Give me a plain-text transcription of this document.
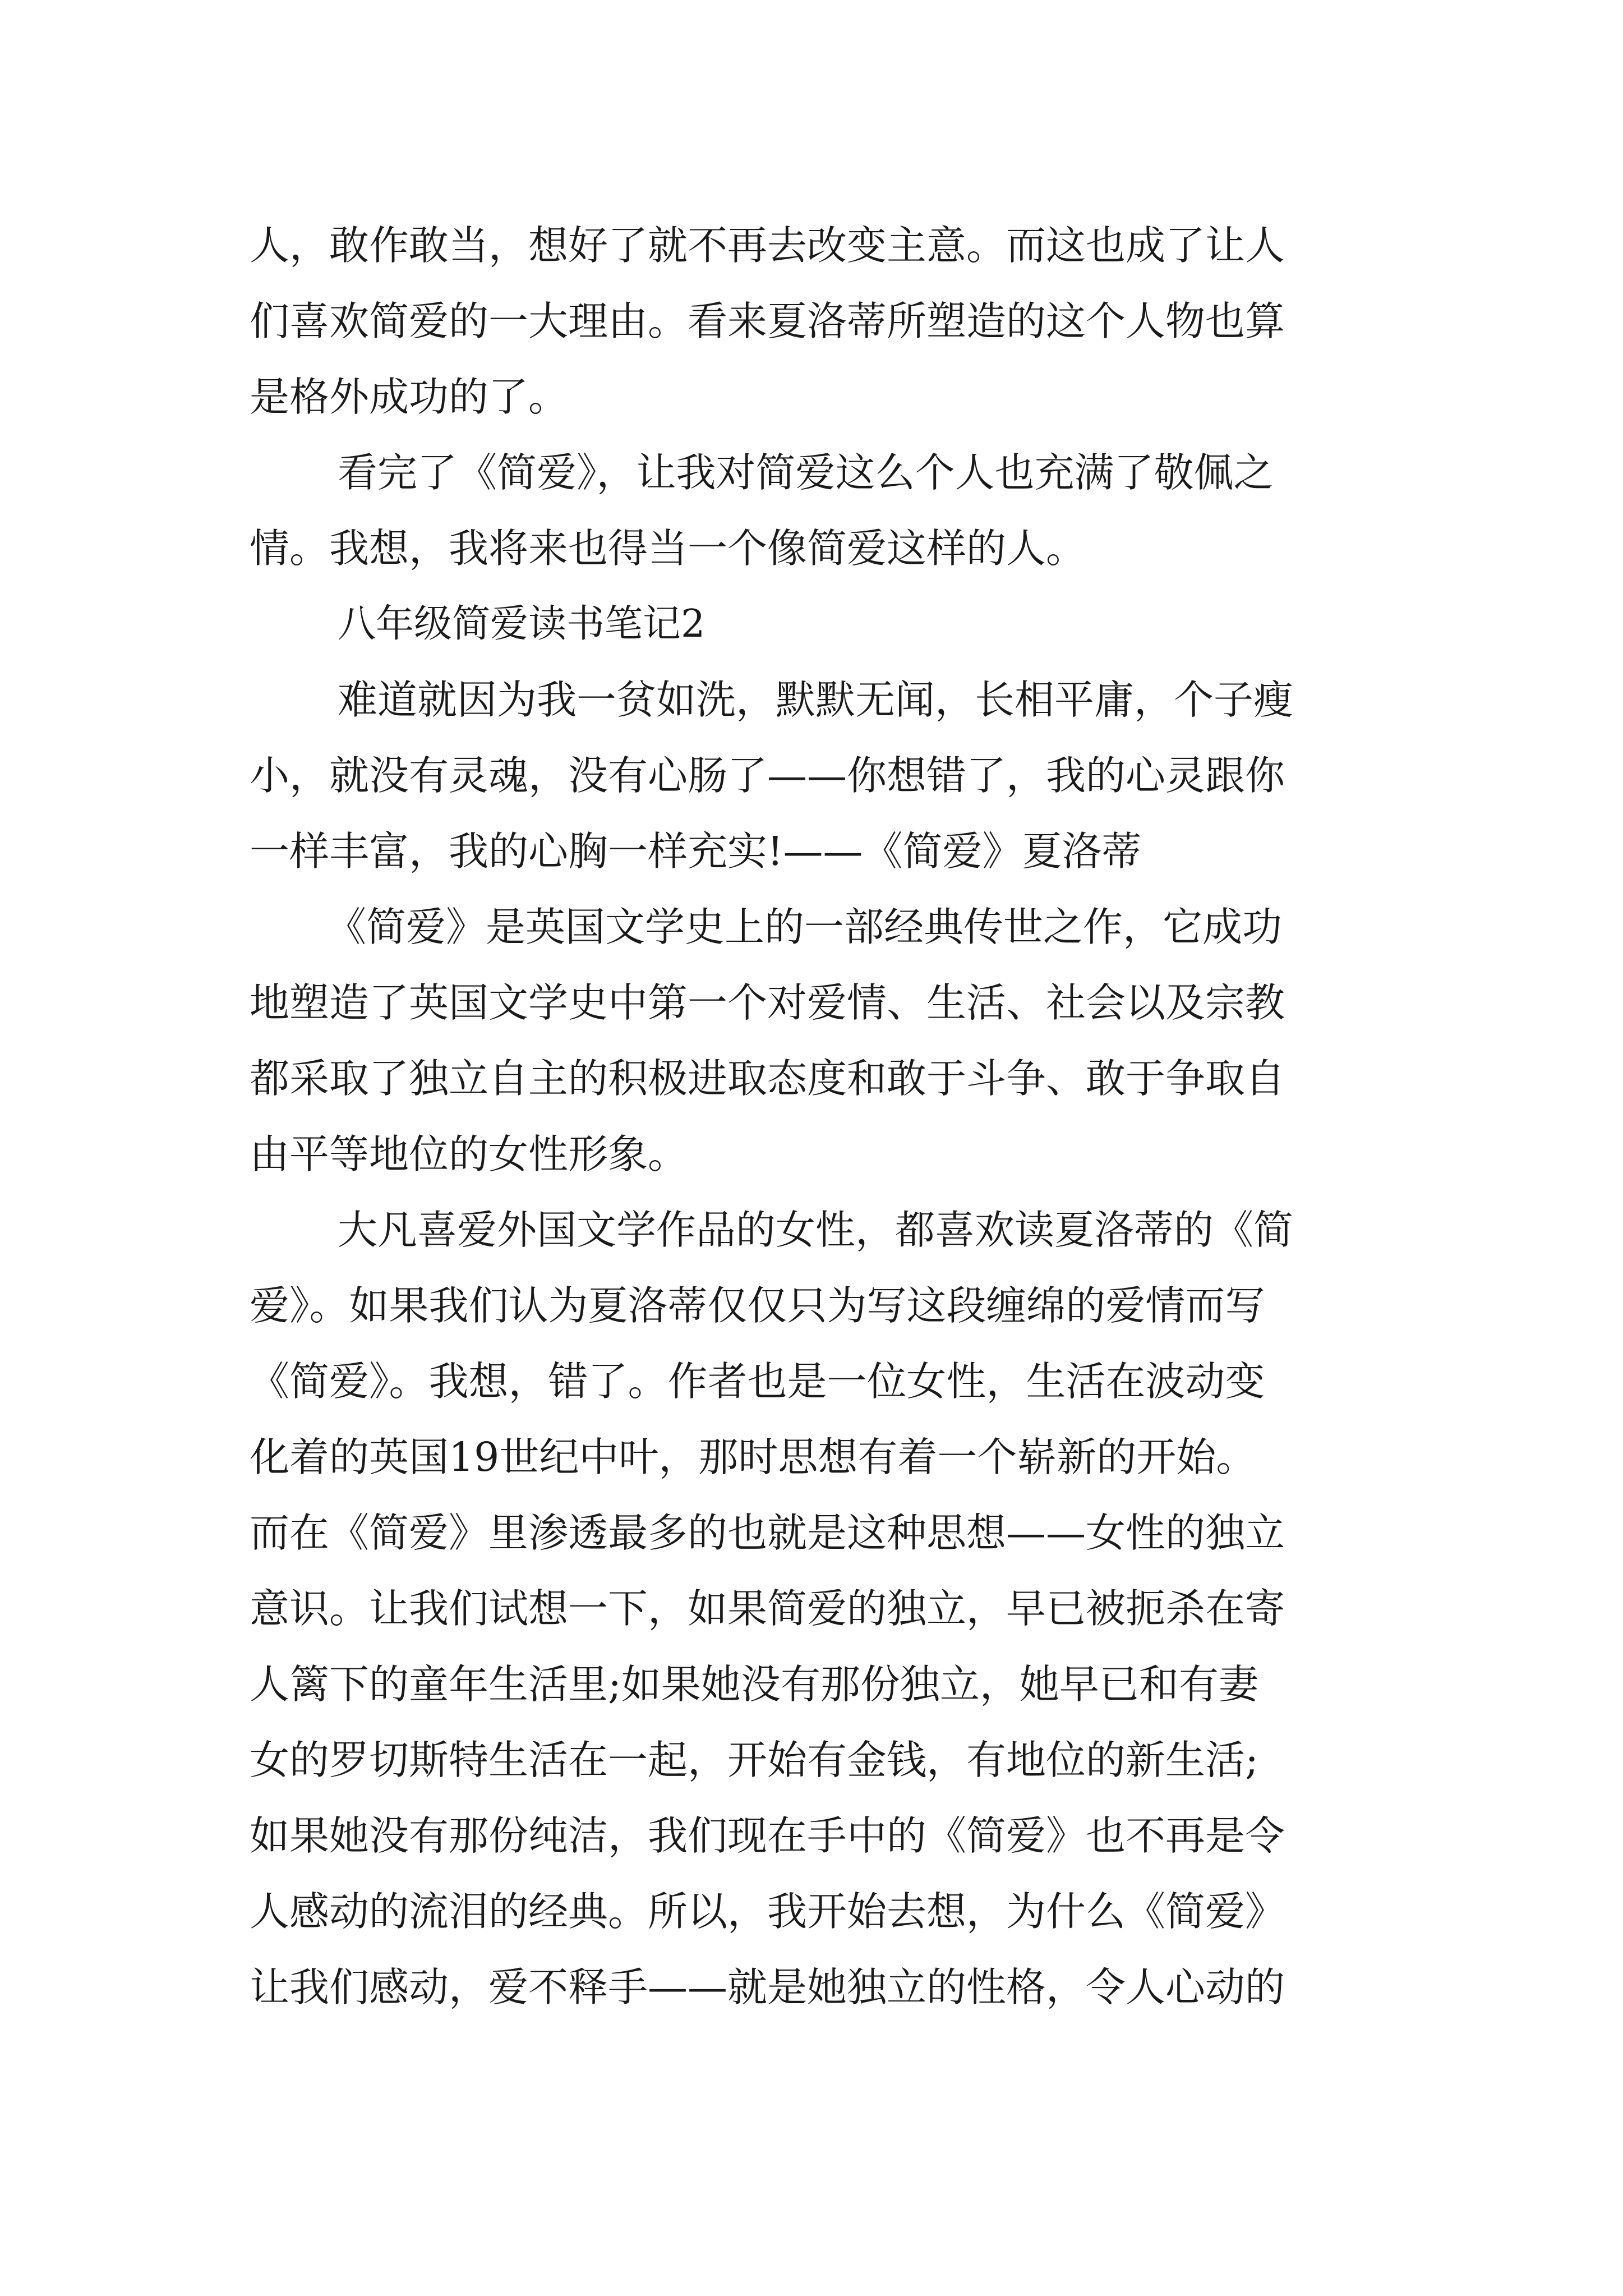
人，敢作敢当，想好了就不再去改变主意。而这也成了让人
们喜欢简爱的一大理由。看来夏洛蒂所塑造的这个人物也算
是格外成功的了。
看完了《简爱》，让我对简爱这么个人也充满了敬佩之
情。我想，我将来也得当一个像简爱这样的人。
八年级简爱读书笔记2
难道就因为我一贫如洗，默默无闻，长相平庸，个子瘦
小，就没有灵魂，没有心肠了——你想错了，我的心灵跟你
一样丰富，我的心胸一样充实!——《简爱》夏洛蒂
《简爱》是英国文学史上的一部经典传世之作，它成功
地塑造了英国文学史中第一个对爱情、生活、社会以及宗教
都采取了独立自主的积极进取态度和敢于斗争、敢于争取自
由平等地位的女性形象。
大凡喜爱外国文学作品的女性，都喜欢读夏洛蒂的《简
爱》。如果我们认为夏洛蒂仅仅只为写这段缠绵的爱情而写
《简爱》。我想，错了。作者也是一位女性，生活在波动变
化着的英国19世纪中叶，那时思想有着一个崭新的开始。
而在《简爱》里渗透最多的也就是这种思想——女性的独立
意识。让我们试想一下，如果简爱的独立，早已被扼杀在寄
人篱下的童年生活里;如果她没有那份独立，她早已和有妻
女的罗切斯特生活在一起，开始有金钱，有地位的新生活;
如果她没有那份纯洁，我们现在手中的《简爱》也不再是令
人感动的流泪的经典。所以，我开始去想，为什么《简爱》
让我们感动，爱不释手——就是她独立的性格，令人心动的
